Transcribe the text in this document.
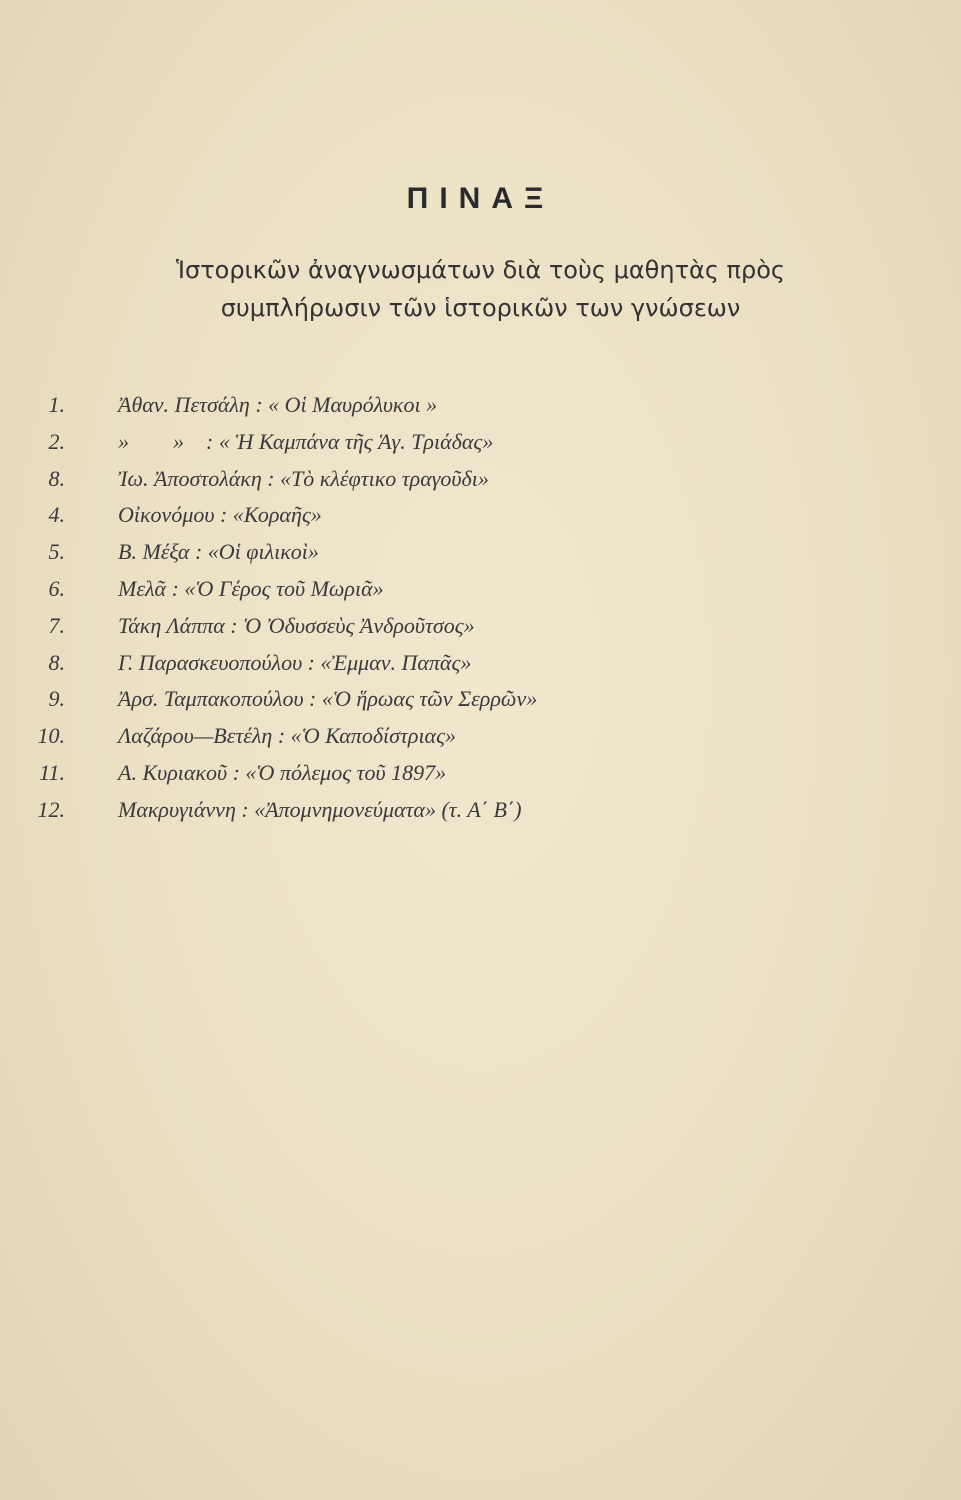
ΠΙΝΑΞ

Ἱστορικῶν ἀναγνωσμάτων διὰ τοὺς μαθητὰς πρὸς

συμπλήρωσιν τῶν ἱστορικῶν των γνώσεων

1. Ἀθαν. Πετσάλη : « Οἱ Μαυρόλυκοι »
2. »        »    : « Ἡ Καμπάνα τῆς Ἁγ. Τριάδας»
8. Ἰω. Ἀποστολάκη : «Τὸ κλέφτικο τραγοῦδι»
4. Οἰκονόμου : «Κοραῆς»
5. Β. Μέξα : «Οἱ φιλικοὶ»
6. Μελᾶ : «Ὁ Γέρος τοῦ Μωριᾶ»
7. Τάκη Λάππα : Ὁ Ὀδυσσεὺς Ἀνδροῦτσος»
8. Γ. Παρασκευοπούλου : «Ἐμμαν. Παπᾶς»
9. Ἀρσ. Ταμπακοπούλου : «Ὁ ἥρωας τῶν Σερρῶν»
10. Λαζάρου—Βετέλη : «Ὁ Καποδίστριας»
11. Α. Κυριακοῦ : «Ὁ πόλεμος τοῦ 1897»
12. Μακρυγιάννη : «Ἀπομνημονεύματα» (τ. Α΄ Β΄)
